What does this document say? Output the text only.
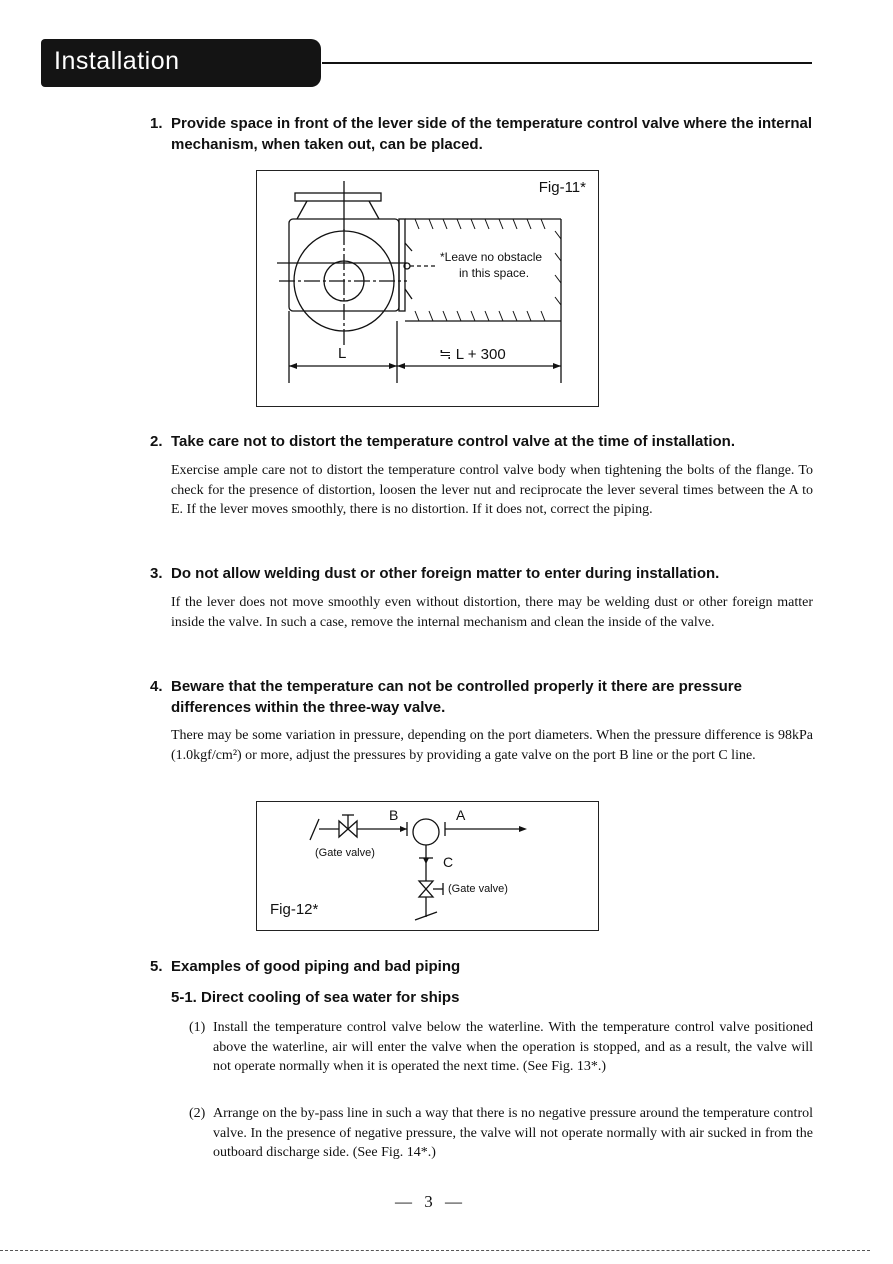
Installation
1. Provide space in front of the lever side of the temperature control valve where the internal mechanism, when taken out, can be placed.
Fig-11*
*Leave no obstacle
in this space.
L	≒ L + 300
2. Take care not to distort the temperature control valve at the time of installation.
Exercise ample care not to distort the temperature control valve body when tightening the bolts of the flange. To check for the presence of distortion, loosen the lever nut and reciprocate the lever several times between the A to E. If the lever moves smoothly, there is no distortion. If it does not, correct the piping.
3. Do not allow welding dust or other foreign matter to enter during installation.
If the lever does not move smoothly even without distortion, there may be welding dust or other foreign matter inside the valve. In such a case, remove the internal mechanism and clean the inside of the valve.
4. Beware that the temperature can not be controlled properly it there are pressure differences within the three-way valve.
There may be some variation in pressure, depending on the port diameters. When the pressure difference is 98kPa (1.0kgf/cm²) or more, adjust the pressures by providing a gate valve on the port B line or the port C line.
B	A
C
(Gate valve)
(Gate valve)
Fig-12*
5. Examples of good piping and bad piping
5-1. Direct cooling of sea water for ships
(1) Install the temperature control valve below the waterline. With the temperature control valve positioned above the waterline, air will enter the valve when the operation is stopped, and as a result, the valve will not operate normally when it is operated the next time. (See Fig. 13*.)
(2) Arrange on the by-pass line in such a way that there is no negative pressure around the temperature control valve. In the presence of negative pressure, the valve will not operate normally with air sucked in from the outboard discharge side. (See Fig. 14*.)
— 3 —
